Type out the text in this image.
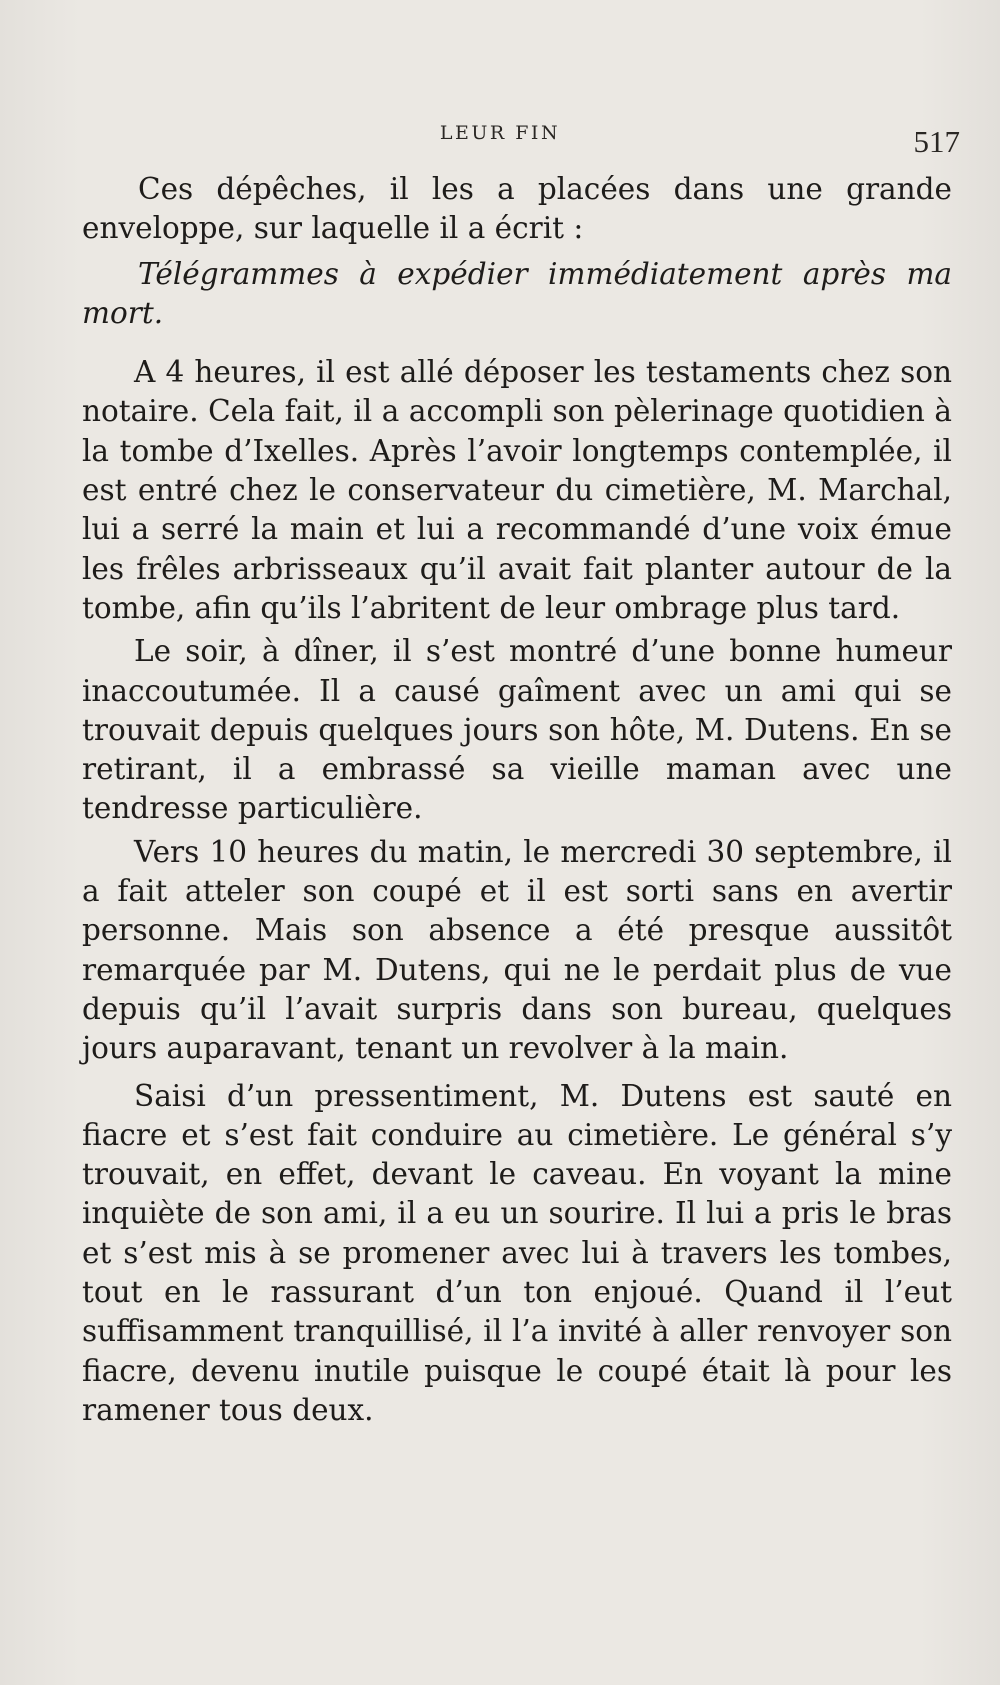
LEUR FIN	517

Ces dépêches, il les a placées dans une grande enveloppe, sur laquelle il a écrit :

Télégrammes à expédier immédiatement après ma mort.

A 4 heures, il est allé déposer les testaments chez son notaire. Cela fait, il a accompli son pèlerinage quotidien à la tombe d’Ixelles. Après l’avoir longtemps contemplée, il est entré chez le conservateur du cimetière, M. Marchal, lui a serré la main et lui a recommandé d’une voix émue les frêles arbrisseaux qu’il avait fait planter autour de la tombe, afin qu’ils l’abritent de leur ombrage plus tard.

Le soir, à dîner, il s’est montré d’une bonne humeur inaccoutumée. Il a causé gaîment avec un ami qui se trouvait depuis quelques jours son hôte, M. Dutens. En se retirant, il a embrassé sa vieille maman avec une tendresse particulière.

Vers 10 heures du matin, le mercredi 30 septembre, il a fait atteler son coupé et il est sorti sans en avertir personne. Mais son absence a été presque aussitôt remarquée par M. Dutens, qui ne le perdait plus de vue depuis qu’il l’avait surpris dans son bureau, quelques jours auparavant, tenant un revolver à la main.

Saisi d’un pressentiment, M. Dutens est sauté en fiacre et s’est fait conduire au cimetière. Le général s’y trouvait, en effet, devant le caveau. En voyant la mine inquiète de son ami, il a eu un sourire. Il lui a pris le bras et s’est mis à se promener avec lui à travers les tombes, tout en le rassurant d’un ton enjoué. Quand il l’eut suffisamment tranquillisé, il l’a invité à aller renvoyer son fiacre, devenu inutile puisque le coupé était là pour les ramener tous deux.
